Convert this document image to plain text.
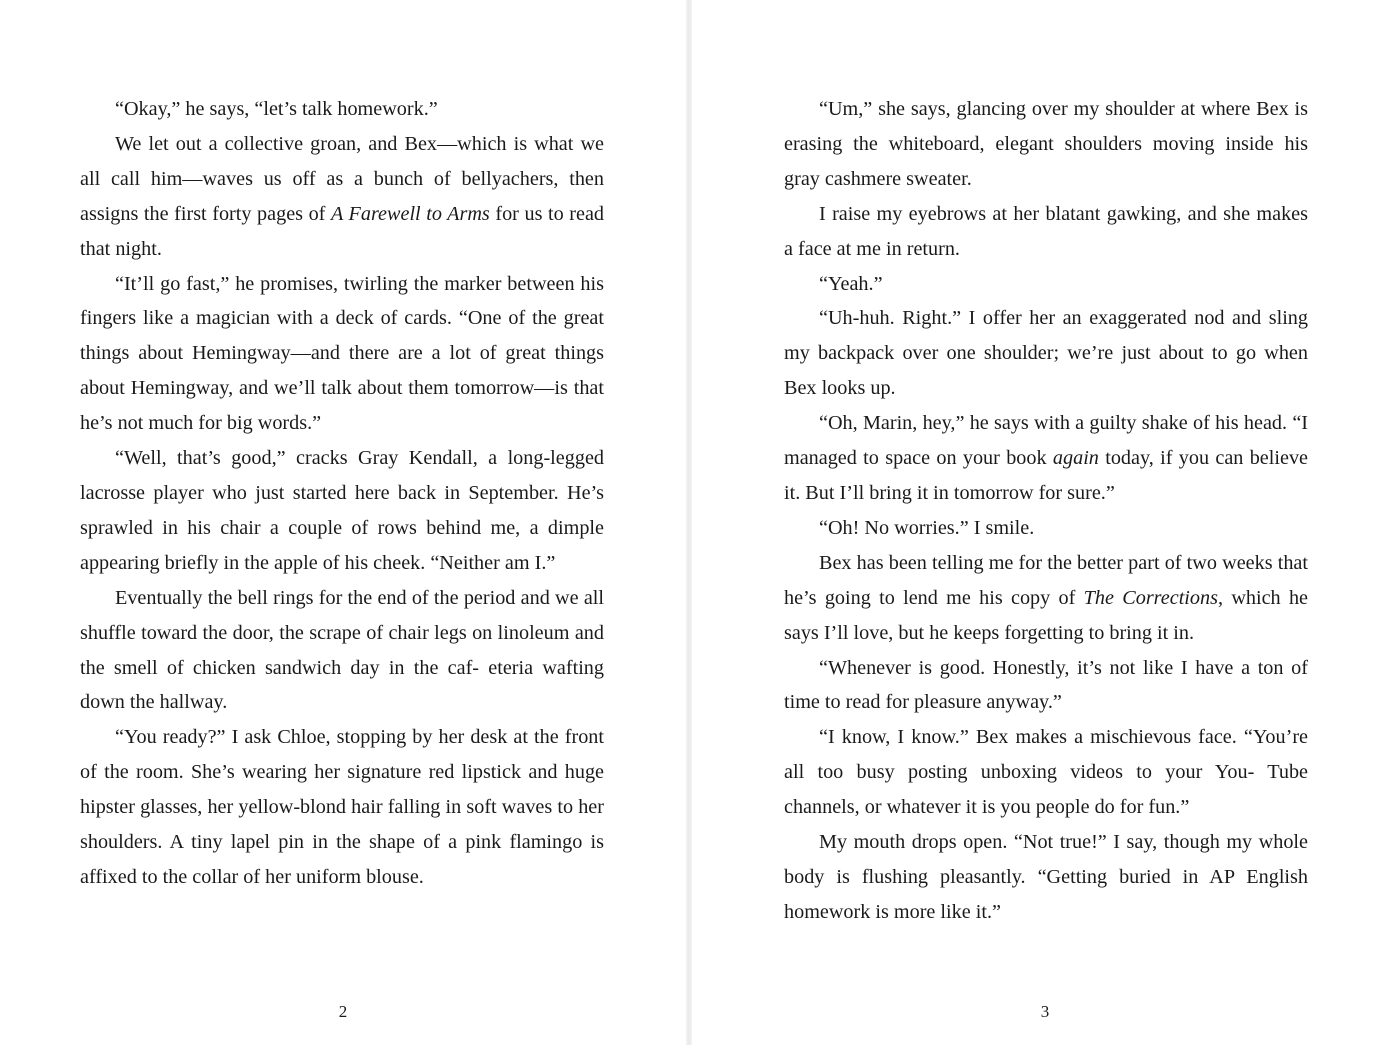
“Okay,” he says, “let’s talk homework.”

We let out a collective groan, and Bex—which is what we all call him—waves us off as a bunch of bellyachers, then assigns the first forty pages of A Farewell to Arms for us to read that night.

“It’ll go fast,” he promises, twirling the marker between his fingers like a magician with a deck of cards. “One of the great things about Hemingway—and there are a lot of great things about Hemingway, and we’ll talk about them tomorrow—is that he’s not much for big words.”

“Well, that’s good,” cracks Gray Kendall, a long-legged lacrosse player who just started here back in September. He’s sprawled in his chair a couple of rows behind me, a dimple appearing briefly in the apple of his cheek. “Neither am I.”

Eventually the bell rings for the end of the period and we all shuffle toward the door, the scrape of chair legs on linoleum and the smell of chicken sandwich day in the caf- eteria wafting down the hallway.

“You ready?” I ask Chloe, stopping by her desk at the front of the room. She’s wearing her signature red lipstick and huge hipster glasses, her yellow-blond hair falling in soft waves to her shoulders. A tiny lapel pin in the shape of a pink flamingo is affixed to the collar of her uniform blouse.

2

“Um,” she says, glancing over my shoulder at where Bex is erasing the whiteboard, elegant shoulders moving inside his gray cashmere sweater.

I raise my eyebrows at her blatant gawking, and she makes a face at me in return.

“Yeah.”

“Uh-huh. Right.” I offer her an exaggerated nod and sling my backpack over one shoulder; we’re just about to go when Bex looks up.

“Oh, Marin, hey,” he says with a guilty shake of his head. “I managed to space on your book again today, if you can believe it. But I’ll bring it in tomorrow for sure.”

“Oh! No worries.” I smile.

Bex has been telling me for the better part of two weeks that he’s going to lend me his copy of The Corrections, which he says I’ll love, but he keeps forgetting to bring it in.

“Whenever is good. Honestly, it’s not like I have a ton of time to read for pleasure anyway.”

“I know, I know.” Bex makes a mischievous face. “You’re all too busy posting unboxing videos to your You- Tube channels, or whatever it is you people do for fun.”

My mouth drops open. “Not true!” I say, though my whole body is flushing pleasantly. “Getting buried in AP English homework is more like it.”

3
